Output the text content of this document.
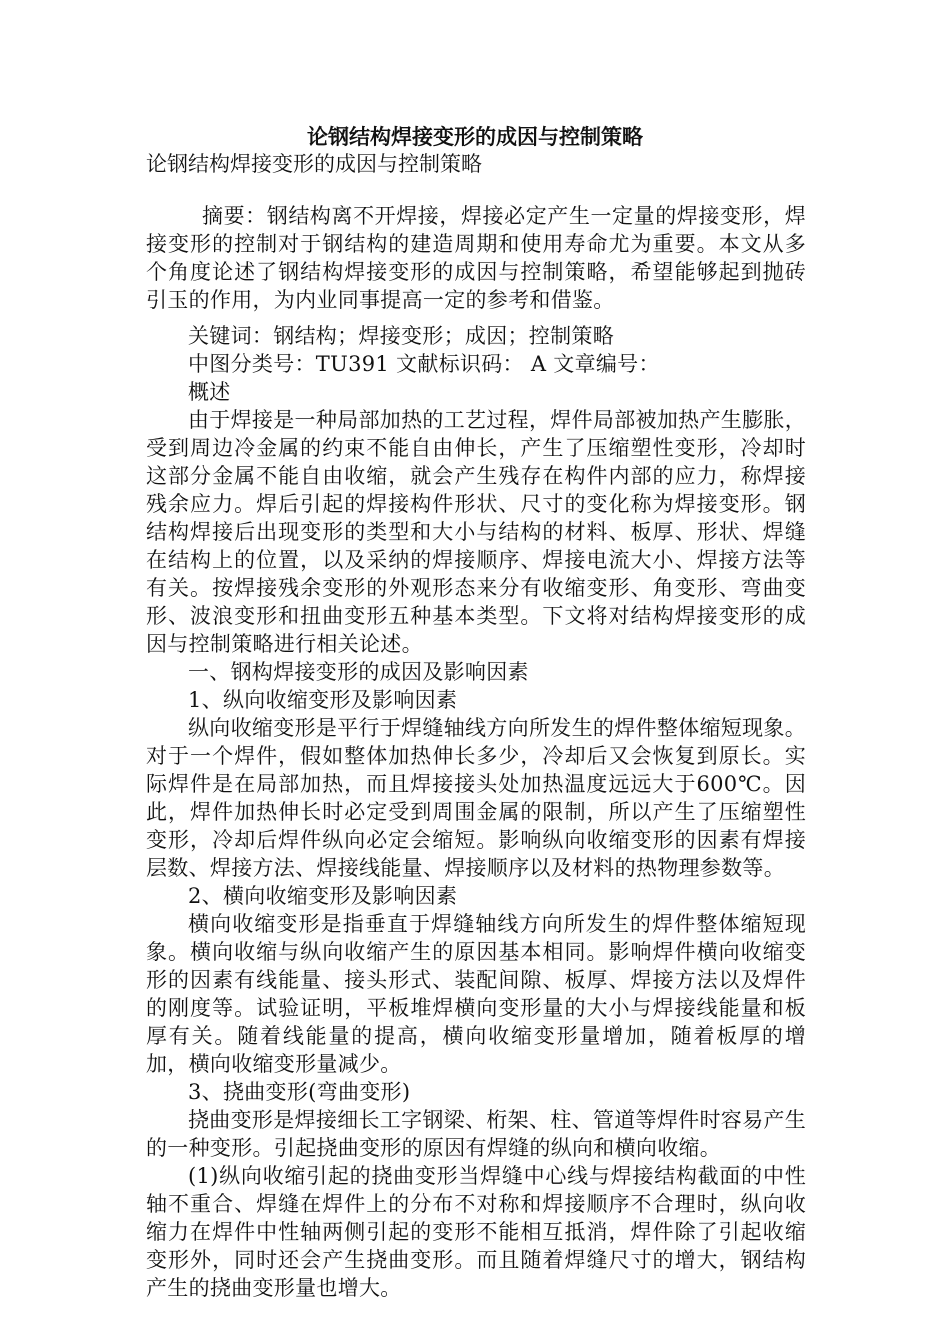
论钢结构焊接变形的成因与控制策略
论钢结构焊接变形的成因与控制策略

摘要：钢结构离不开焊接，焊接必定产生一定量的焊接变形，焊接变形的控制对于钢结构的建造周期和使用寿命尤为重要。本文从多个角度论述了钢结构焊接变形的成因与控制策略，希望能够起到抛砖引玉的作用，为内业同事提高一定的参考和借鉴。

关键词：钢结构；焊接变形；成因；控制策略

中图分类号：TU391 文献标识码： A 文章编号：

概述

由于焊接是一种局部加热的工艺过程，焊件局部被加热产生膨胀，受到周边冷金属的约束不能自由伸长，产生了压缩塑性变形，冷却时这部分金属不能自由收缩，就会产生残存在构件内部的应力，称焊接残余应力。焊后引起的焊接构件形状、尺寸的变化称为焊接变形。钢结构焊接后出现变形的类型和大小与结构的材料、板厚、形状、焊缝在结构上的位置，以及采纳的焊接顺序、焊接电流大小、焊接方法等有关。按焊接残余变形的外观形态来分有收缩变形、角变形、弯曲变形、波浪变形和扭曲变形五种基本类型。下文将对结构焊接变形的成因与控制策略进行相关论述。

一、钢构焊接变形的成因及影响因素

1、纵向收缩变形及影响因素

纵向收缩变形是平行于焊缝轴线方向所发生的焊件整体缩短现象。对于一个焊件，假如整体加热伸长多少，冷却后又会恢复到原长。实际焊件是在局部加热，而且焊接接头处加热温度远远大于600℃。因此，焊件加热伸长时必定受到周围金属的限制，所以产生了压缩塑性变形，冷却后焊件纵向必定会缩短。影响纵向收缩变形的因素有焊接层数、焊接方法、焊接线能量、焊接顺序以及材料的热物理参数等。

2、横向收缩变形及影响因素

横向收缩变形是指垂直于焊缝轴线方向所发生的焊件整体缩短现象。横向收缩与纵向收缩产生的原因基本相同。影响焊件横向收缩变形的因素有线能量、接头形式、装配间隙、板厚、焊接方法以及焊件的刚度等。试验证明，平板堆焊横向变形量的大小与焊接线能量和板厚有关。随着线能量的提高，横向收缩变形量增加，随着板厚的增加，横向收缩变形量减少。

3、挠曲变形(弯曲变形)

挠曲变形是焊接细长工字钢梁、桁架、柱、管道等焊件时容易产生的一种变形。引起挠曲变形的原因有焊缝的纵向和横向收缩。

(1)纵向收缩引起的挠曲变形当焊缝中心线与焊接结构截面的中性轴不重合、焊缝在焊件上的分布不对称和焊接顺序不合理时，纵向收缩力在焊件中性轴两侧引起的变形不能相互抵消，焊件除了引起收缩变形外，同时还会产生挠曲变形。而且随着焊缝尺寸的增大，钢结构产生的挠曲变形量也增大。
